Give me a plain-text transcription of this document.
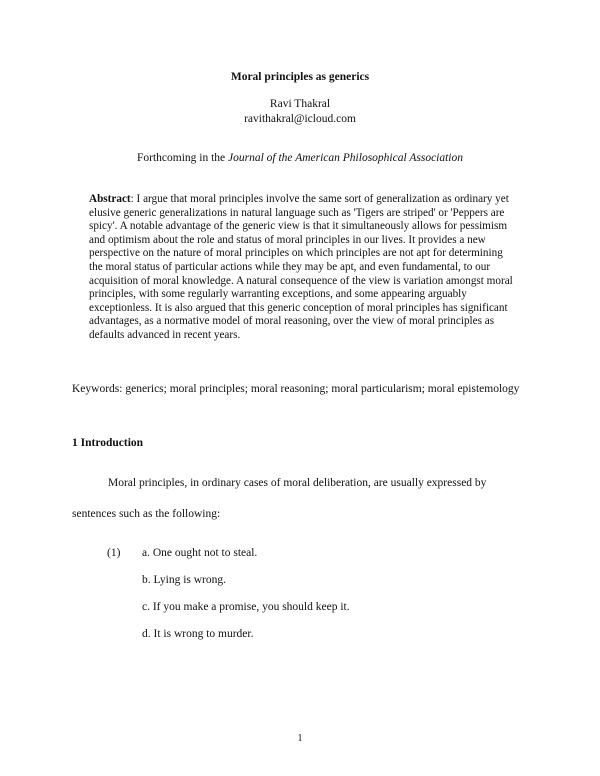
Moral principles as generics
Ravi Thakral
ravithakral@icloud.com
Forthcoming in the Journal of the American Philosophical Association
Abstract: I argue that moral principles involve the same sort of generalization as ordinary yet elusive generic generalizations in natural language such as 'Tigers are striped' or 'Peppers are spicy'. A notable advantage of the generic view is that it simultaneously allows for pessimism and optimism about the role and status of moral principles in our lives. It provides a new perspective on the nature of moral principles on which principles are not apt for determining the moral status of particular actions while they may be apt, and even fundamental, to our acquisition of moral knowledge. A natural consequence of the view is variation amongst moral principles, with some regularly warranting exceptions, and some appearing arguably exceptionless. It is also argued that this generic conception of moral principles has significant advantages, as a normative model of moral reasoning, over the view of moral principles as defaults advanced in recent years.
Keywords: generics; moral principles; moral reasoning; moral particularism; moral epistemology
1 Introduction
Moral principles, in ordinary cases of moral deliberation, are usually expressed by
sentences such as the following:
(1) a. One ought not to steal.
b. Lying is wrong.
c. If you make a promise, you should keep it.
d. It is wrong to murder.
1
